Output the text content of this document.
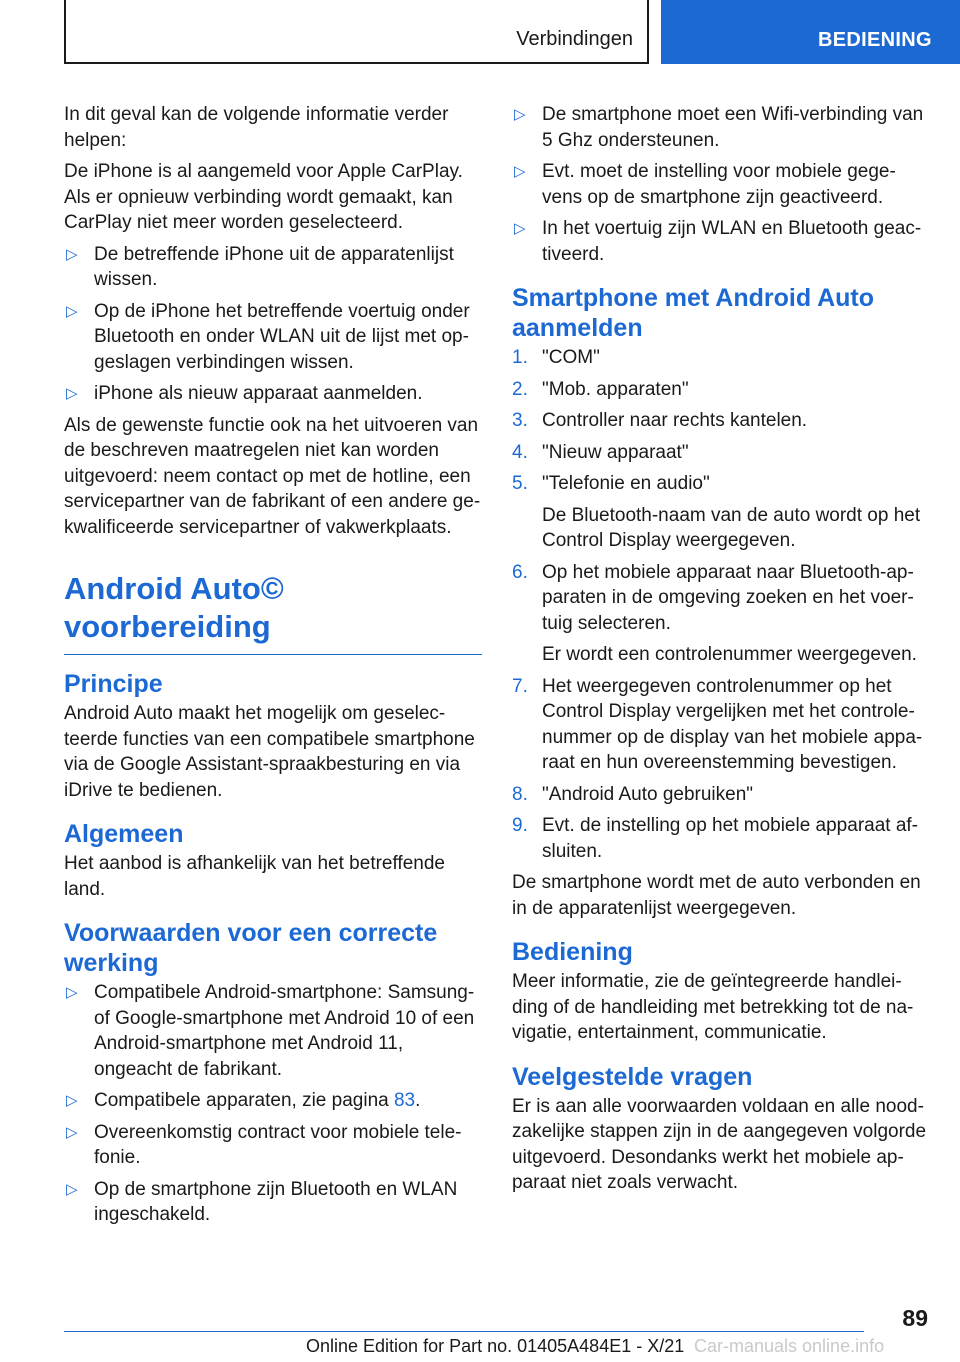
Verbindingen	BEDIENING

In dit geval kan de volgende informatie verder helpen:

De iPhone is al aangemeld voor Apple CarPlay. Als er opnieuw verbinding wordt gemaakt, kan CarPlay niet meer worden geselecteerd.

▷ De betreffende iPhone uit de apparatenlijst wissen.
▷ Op de iPhone het betreffende voertuig onder Bluetooth en onder WLAN uit de lijst met op-geslagen verbindingen wissen.
▷ iPhone als nieuw apparaat aanmelden.

Als de gewenste functie ook na het uitvoeren van de beschreven maatregelen niet kan worden uitgevoerd: neem contact op met de hotline, een servicepartner van de fabrikant of een andere ge-kwalificeerde servicepartner of vakwerkplaats.

Android Auto© voorbereiding
Principe

Android Auto maakt het mogelijk om geselec-teerde functies van een compatibele smartphone via de Google Assistant-spraakbesturing en via iDrive te bedienen.

Algemeen

Het aanbod is afhankelijk van het betreffende land.

Voorwaarden voor een correcte werking
▷ Compatibele Android-smartphone: Samsung- of Google-smartphone met Android 10 of een Android-smartphone met Android 11, ongeacht de fabrikant.
▷ Compatibele apparaten, zie pagina 83.
▷ Overeenkomstig contract voor mobiele tele-fonie.
▷ Op de smartphone zijn Bluetooth en WLAN ingeschakeld.
▷ De smartphone moet een Wifi-verbinding van 5 Ghz ondersteunen.
▷ Evt. moet de instelling voor mobiele gege-vens op de smartphone zijn geactiveerd.
▷ In het voertuig zijn WLAN en Bluetooth geac-tiveerd.
Smartphone met Android Auto aanmelden
1. "COM"
2. "Mob. apparaten"
3. Controller naar rechts kantelen.
4. "Nieuw apparaat"
5. "Telefonie en audio"

De Bluetooth-naam van de auto wordt op het Control Display weergegeven.

6. Op het mobiele apparaat naar Bluetooth-ap-paraten in de omgeving zoeken en het voer-tuig selecteren.

Er wordt een controlenummer weergegeven.

7. Het weergegeven controlenummer op het Control Display vergelijken met het controle-nummer op de display van het mobiele appa-raat en hun overeenstemming bevestigen.
8. "Android Auto gebruiken"
9. Evt. de instelling op het mobiele apparaat af-sluiten.

De smartphone wordt met de auto verbonden en in de apparatenlijst weergegeven.

Bediening

Meer informatie, zie de geïntegreerde handlei-ding of de handleiding met betrekking tot de na-vigatie, entertainment, communicatie.

Veelgestelde vragen

Er is aan alle voorwaarden voldaan en alle nood-zakelijke stappen zijn in de aangegeven volgorde uitgevoerd. Desondanks werkt het mobiele ap-paraat niet zoals verwacht.

89
Online Edition for Part no. 01405A484E1 - X/21 Car-manuals online.info
